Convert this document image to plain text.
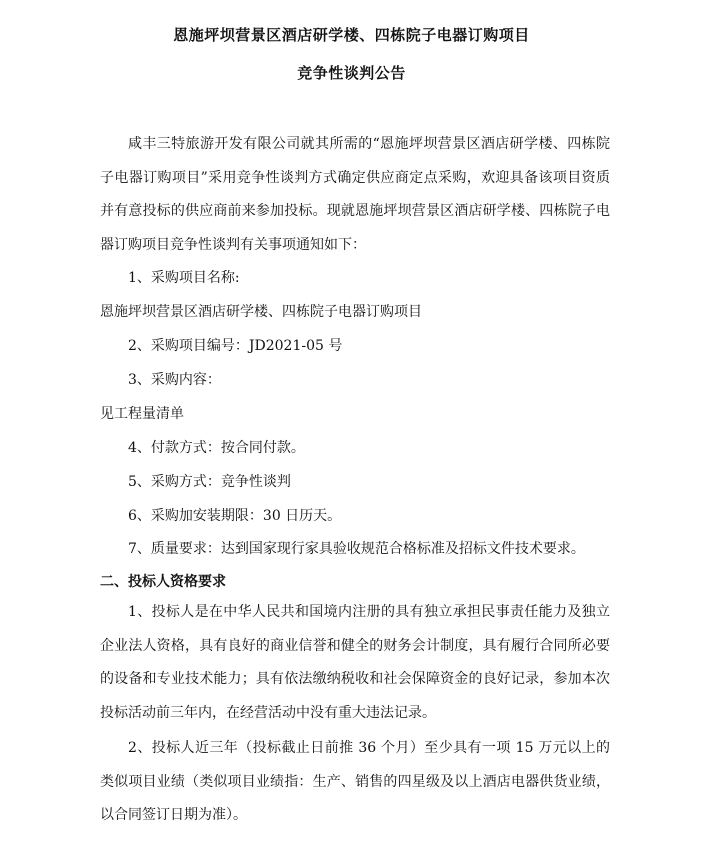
恩施坪坝营景区酒店研学楼、四栋院子电器订购项目
竞争性谈判公告
咸丰三特旅游开发有限公司就其所需的“恩施坪坝营景区酒店研学楼、四栋院子电器订购项目”采用竞争性谈判方式确定供应商定点采购，欢迎具备该项目资质并有意投标的供应商前来参加投标。现就恩施坪坝营景区酒店研学楼、四栋院子电器订购项目竞争性谈判有关事项通知如下：
1、采购项目名称:
恩施坪坝营景区酒店研学楼、四栋院子电器订购项目
2、采购项目编号：JD2021-05 号
3、采购内容：
见工程量清单
4、付款方式：按合同付款。
5、采购方式：竞争性谈判
6、采购加安装期限：30 日历天。
7、质量要求：达到国家现行家具验收规范合格标准及招标文件技术要求。
二、投标人资格要求
1、投标人是在中华人民共和国境内注册的具有独立承担民事责任能力及独立企业法人资格，具有良好的商业信誉和健全的财务会计制度，具有履行合同所必要的设备和专业技术能力；具有依法缴纳税收和社会保障资金的良好记录，参加本次投标活动前三年内，在经营活动中没有重大违法记录。
2、投标人近三年（投标截止日前推 36 个月）至少具有一项 15 万元以上的类似项目业绩（类似项目业绩指：生产、销售的四星级及以上酒店电器供货业绩，以合同签订日期为准）。
